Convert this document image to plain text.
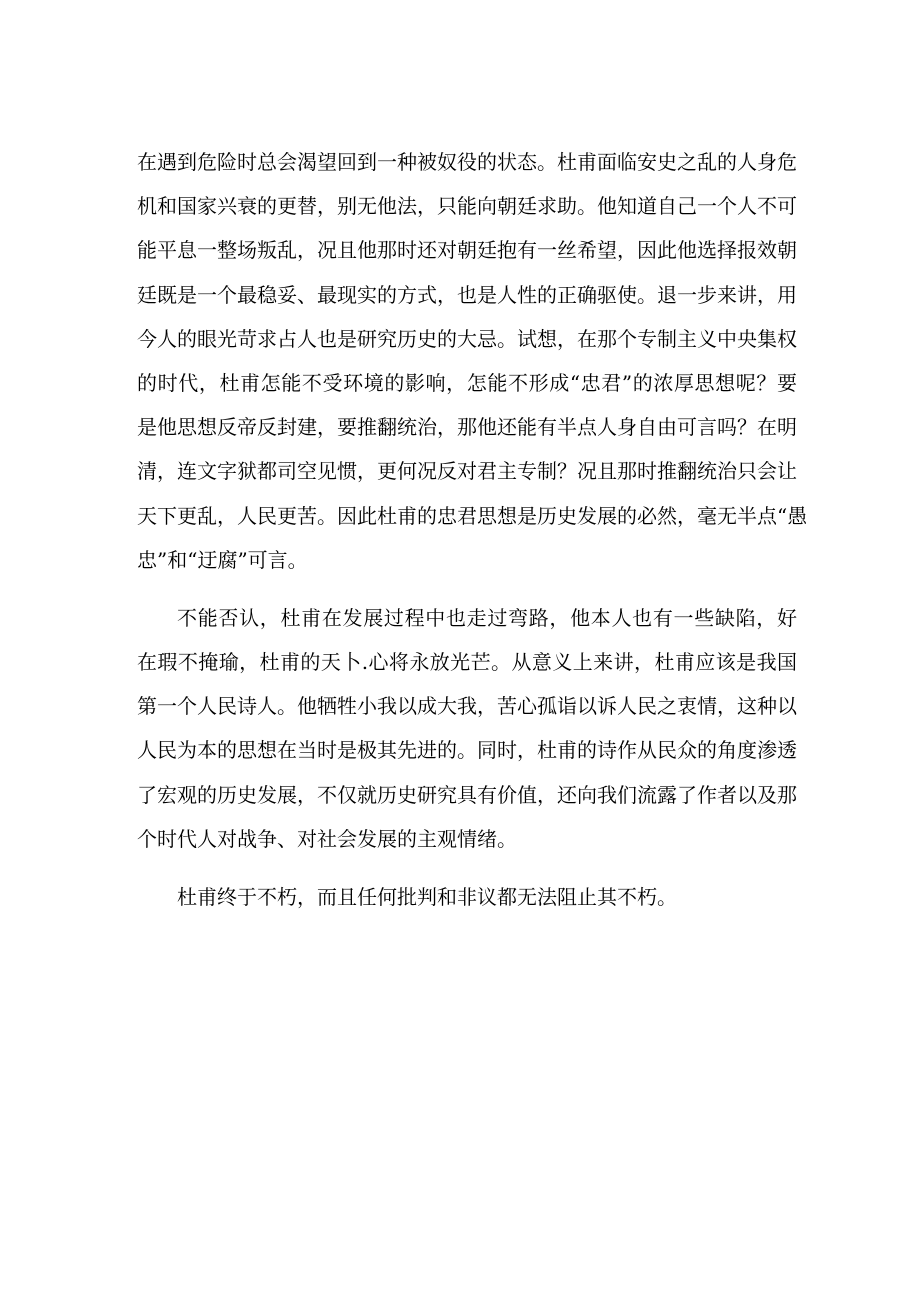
在遇到危险时总会渴望回到一种被奴役的状态。杜甫面临安史之乱的人身危
机和国家兴衰的更替，别无他法，只能向朝廷求助。他知道自己一个人不可
能平息一整场叛乱，况且他那时还对朝廷抱有一丝希望，因此他选择报效朝
廷既是一个最稳妥、最现实的方式，也是人性的正确驱使。退一步来讲，用
今人的眼光苛求占人也是研究历史的大忌。试想，在那个专制主义中央集权
的时代，杜甫怎能不受环境的影响，怎能不形成“忠君”的浓厚思想呢？要
是他思想反帝反封建，要推翻统治，那他还能有半点人身自由可言吗？在明
清，连文字狱都司空见惯，更何况反对君主专制？况且那时推翻统治只会让
天下更乱，人民更苦。因此杜甫的忠君思想是历史发展的必然，毫无半点“愚
忠”和“迂腐”可言。
不能否认，杜甫在发展过程中也走过弯路，他本人也有一些缺陷，好
在瑕不掩瑜，杜甫的天卜.心将永放光芒。从意义上来讲，杜甫应该是我国
第一个人民诗人。他牺牲小我以成大我，苦心孤诣以诉人民之衷情，这种以
人民为本的思想在当时是极其先进的。同时，杜甫的诗作从民众的角度渗透
了宏观的历史发展，不仅就历史研究具有价值，还向我们流露了作者以及那
个时代人对战争、对社会发展的主观情绪。
杜甫终于不朽，而且任何批判和非议都无法阻止其不朽。
